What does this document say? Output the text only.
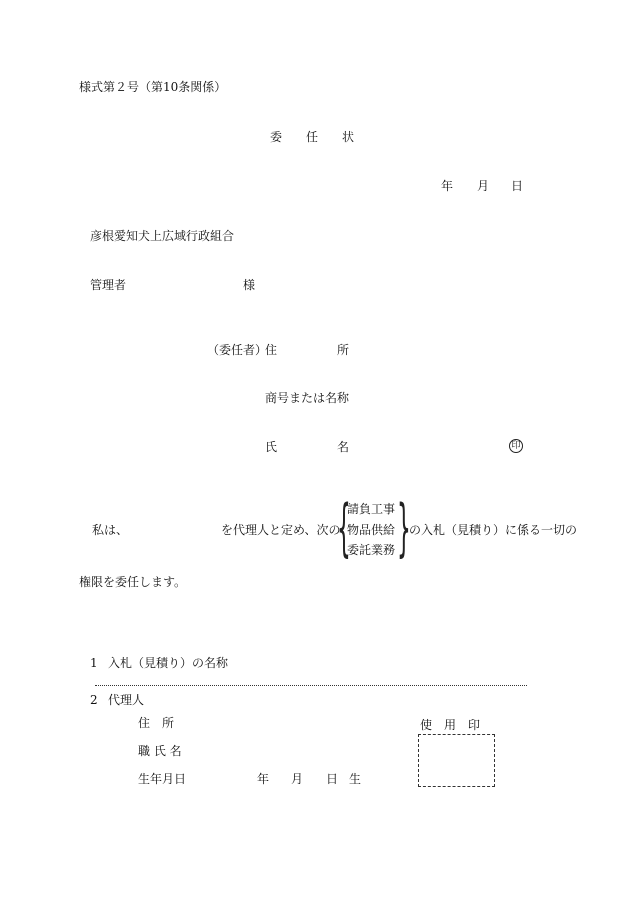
様式第２号（第10条関係）
委　任　状
年 月 日
彦根愛知犬上広域行政組合
管理者	様
（委任者）
住	所
商号または名称
氏	名	印
私は、	を代理人と定め、次の
{
請負工事
物品供給
委託業務 }
の入札（見積り）に係る一切の
権限を委任します。
1 入札（見積り）の名称
2 代理人
住　所	使　用　印
職 氏 名
生年月日	年 月 日 生
